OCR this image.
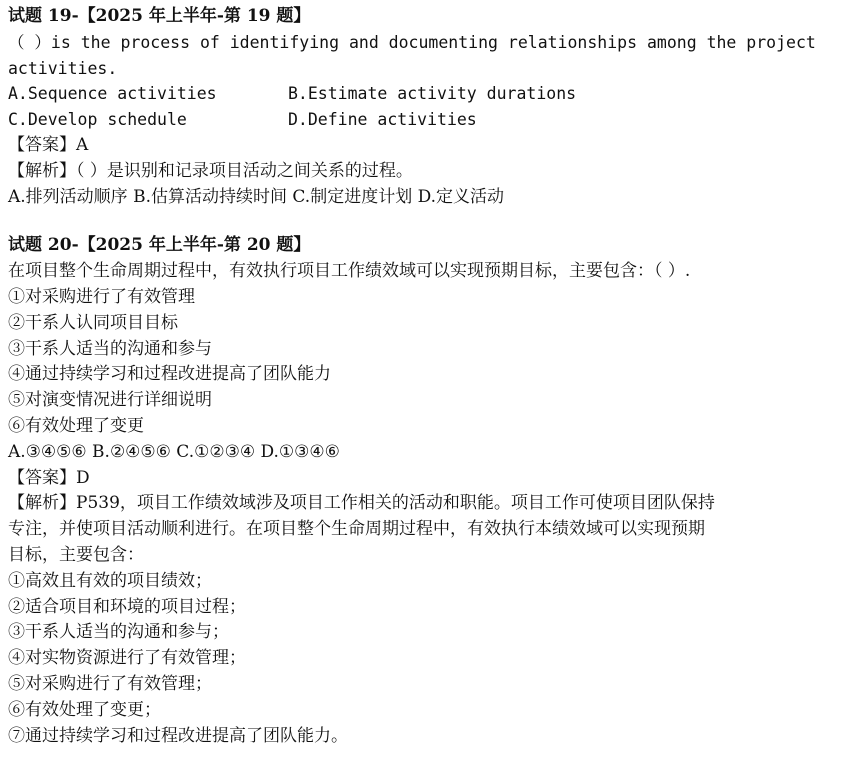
试题 19-【2025 年上半年-第 19 题】
（ ）is the process of identifying and documenting relationships among the project
activities.
A.Sequence activities	B.Estimate activity durations
C.Develop schedule	D.Define activities
【答案】A
【解析】（ ）是识别和记录项目活动之间关系的过程。
A.排列活动顺序 B.估算活动持续时间 C.制定进度计划 D.定义活动
试题 20-【2025 年上半年-第 20 题】
在项目整个生命周期过程中，有效执行项目工作绩效域可以实现预期目标，主要包含：（ ）.
①对采购进行了有效管理
②干系人认同项目目标
③干系人适当的沟通和参与
④通过持续学习和过程改进提高了团队能力
⑤对演变情况进行详细说明
⑥有效处理了变更
A.③④⑤⑥ B.②④⑤⑥ C.①②③④ D.①③④⑥
【答案】D
【解析】P539，项目工作绩效域涉及项目工作相关的活动和职能。项目工作可使项目团队保持
专注，并使项目活动顺利进行。在项目整个生命周期过程中，有效执行本绩效域可以实现预期
目标，主要包含：
①高效且有效的项目绩效；
②适合项目和环境的项目过程；
③干系人适当的沟通和参与；
④对实物资源进行了有效管理；
⑤对采购进行了有效管理；
⑥有效处理了变更；
⑦通过持续学习和过程改进提高了团队能力。
